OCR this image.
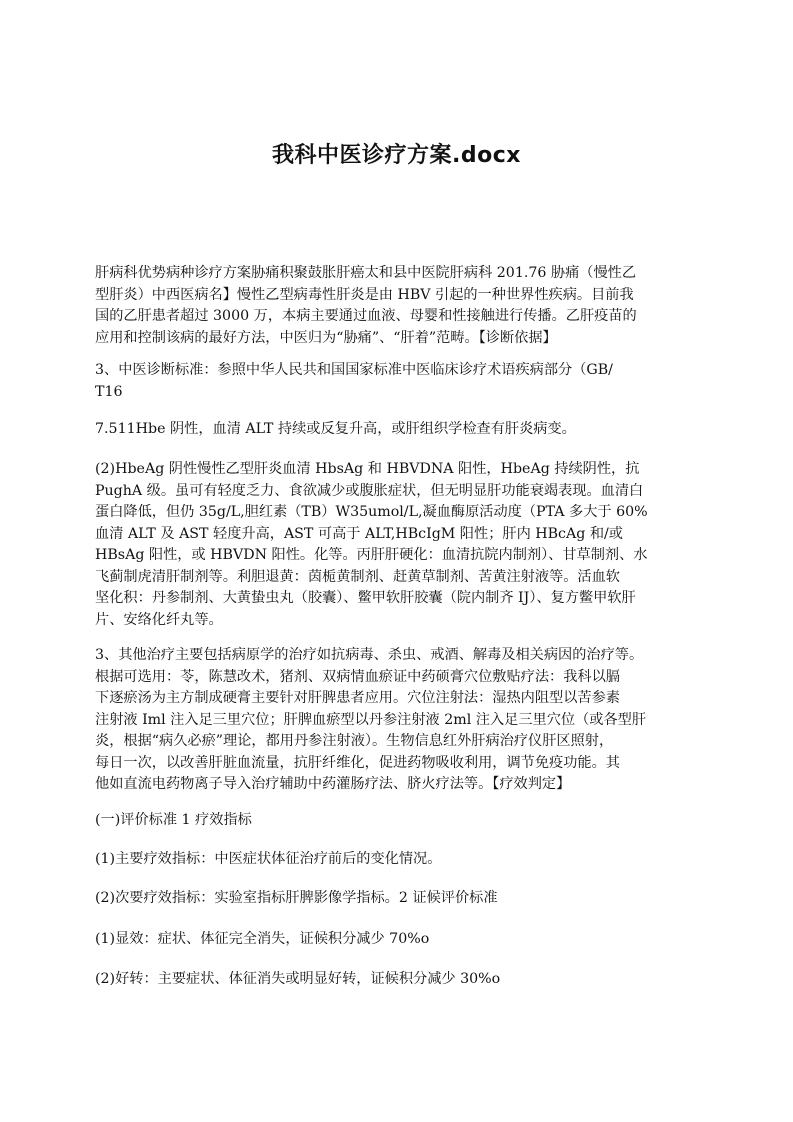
我科中医诊疗方案.docx

肝病科优势病种诊疗方案胁痛积聚鼓胀肝癌太和县中医院肝病科 201.76 胁痛（慢性乙
型肝炎）中西医病名】慢性乙型病毒性肝炎是由 HBV 引起的一种世界性疾病。目前我
国的乙肝患者超过 3000 万，本病主要通过血液、母婴和性接触进行传播。乙肝疫苗的
应用和控制该病的最好方法，中医归为“胁痛”、“肝着”范畴。【诊断依据】

3、中医诊断标准：参照中华人民共和国国家标准中医临床诊疗术语疾病部分（GB/
T16

7.511Hbe 阴性，血清 ALT 持续或反复升高，或肝组织学检查有肝炎病变。

(2)HbeAg 阴性慢性乙型肝炎血清 HbsAg 和 HBVDNA 阳性，HbeAg 持续阴性，抗
PughA 级。虽可有轻度乏力、食欲减少或腹胀症状，但无明显肝功能衰竭表现。血清白
蛋白降低，但仍 35g/L,胆红素（TB）W35umol/L,凝血酶原活动度（PTA 多大于 60%
血清 ALT 及 AST 轻度升高，AST 可高于 ALT,HBcIgM 阳性；肝内 HBcAg 和/或
HBsAg 阳性，或 HBVDN 阳性。化等。丙肝肝硬化：血清抗院内制剂）、甘草制剂、水
飞蓟制虎清肝制剂等。利胆退黄：茵栀黄制剂、赶黄草制剂、苦黄注射液等。活血软
坚化积：丹参制剂、大黄蛰虫丸（胶囊）、鳖甲软肝胶囊（院内制齐 IJ）、复方鳖甲软肝
片、安络化纤丸等。

3、其他治疗主要包括病原学的治疗如抗病毒、杀虫、戒酒、解毒及相关病因的治疗等。
根据可选用：苓，陈慧改术，猪剂、双病情血瘀证中药硕膏穴位敷贴疗法：我科以膈
下逐瘀汤为主方制成硬膏主要针对肝脾患者应用。穴位注射法：湿热内阻型以苦参素
注射液 Iml 注入足三里穴位；肝脾血瘀型以丹参注射液 2ml 注入足三里穴位（或各型肝
炎，根据“病久必瘀”理论，都用丹参注射液）。生物信息红外肝病治疗仪肝区照射，
每日一次，以改善肝脏血流量，抗肝纤维化，促进药物吸收利用，调节免疫功能。其
他如直流电药物离子导入治疗辅助中药灌肠疗法、脐火疗法等。【疗效判定】

(一)评价标准 1 疗效指标

(1)主要疗效指标：中医症状体征治疗前后的变化情况。

(2)次要疗效指标：实验室指标肝脾影像学指标。2 证候评价标准

(1)显效：症状、体征完全消失，证候积分减少 70%o

(2)好转：主要症状、体征消失或明显好转，证候积分减少 30%o
